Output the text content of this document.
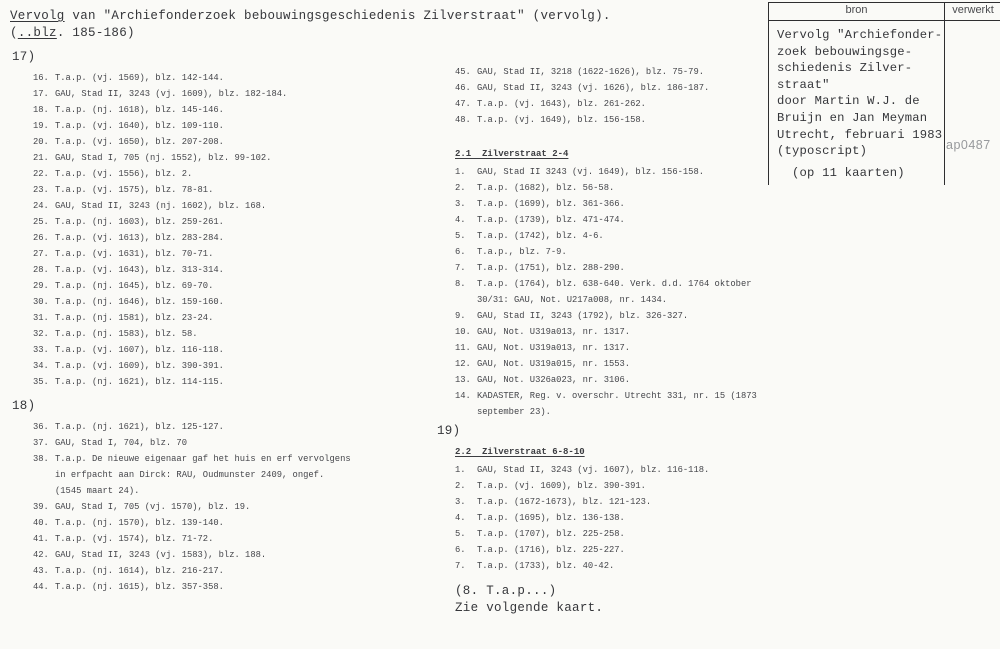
Vervolg van "Archiefonderzoek bebouwingsgeschiedenis Zilverstraat" (vervolg).
(..blz. 185-186)
17)
16. T.a.p. (vj. 1569), blz. 142-144.
17. GAU, Stad II, 3243 (vj. 1609), blz. 182-184.
18. T.a.p. (nj. 1618), blz. 145-146.
19. T.a.p. (vj. 1640), blz. 109-110.
20. T.a.p. (vj. 1650), blz. 207-208.
21. GAU, Stad I, 705 (nj. 1552), blz. 99-102.
22. T.a.p. (vj. 1556), blz. 2.
23. T.a.p. (vj. 1575), blz. 78-81.
24. GAU, Stad II, 3243 (nj. 1602), blz. 168.
25. T.a.p. (nj. 1603), blz. 259-261.
26. T.a.p. (vj. 1613), blz. 283-284.
27. T.a.p. (vj. 1631), blz. 70-71.
28. T.a.p. (vj. 1643), blz. 313-314.
29. T.a.p. (nj. 1645), blz. 69-70.
30. T.a.p. (nj. 1646), blz. 159-160.
31. T.a.p. (nj. 1581), blz. 23-24.
32. T.a.p. (nj. 1583), blz. 58.
33. T.a.p. (vj. 1607), blz. 116-118.
34. T.a.p. (vj. 1609), blz. 390-391.
35. T.a.p. (nj. 1621), blz. 114-115.
18)
36. T.a.p. (nj. 1621), blz. 125-127.
37. GAU, Stad I, 704, blz. 70
38. T.a.p. De nieuwe eigenaar gaf het huis en erf vervolgens
in erfpacht aan Dirck: RAU, Oudmunster 2409, ongef.
(1545 maart 24).
39. GAU, Stad I, 705 (vj. 1570), blz. 19.
40. T.a.p. (nj. 1570), blz. 139-140.
41. T.a.p. (vj. 1574), blz. 71-72.
42. GAU, Stad II, 3243 (vj. 1583), blz. 188.
43. T.a.p. (nj. 1614), blz. 216-217.
44. T.a.p. (nj. 1615), blz. 357-358.
45. GAU, Stad II, 3218 (1622-1626), blz. 75-79.
46. GAU, Stad II, 3243 (vj. 1626), blz. 186-187.
47. T.a.p. (vj. 1643), blz. 261-262.
48. T.a.p. (vj. 1649), blz. 156-158.
2.1  Zilverstraat 2-4
1.	GAU, Stad II 3243 (vj. 1649), blz. 156-158.
2.	T.a.p. (1682), blz. 56-58.
3.	T.a.p. (1699), blz. 361-366.
4.	T.a.p. (1739), blz. 471-474.
5.	T.a.p. (1742), blz. 4-6.
6.	T.a.p., blz. 7-9.
7.	T.a.p. (1751), blz. 288-290.
8.	T.a.p. (1764), blz. 638-640. Verk. d.d. 1764 oktober
30/31: GAU, Not. U217a008, nr. 1434.
9.	GAU, Stad II, 3243 (1792), blz. 326-327.
10. GAU, Not. U319a013, nr. 1317.
11. GAU, Not. U319a013, nr. 1317.
12. GAU, Not. U319a015, nr. 1553.
13. GAU, Not. U326a023, nr. 3106.
14. KADASTER, Reg. v. overschr. Utrecht 331, nr. 15 (1873
september 23).
19)
2.2  Zilverstraat 6-8-10
1.	GAU, Stad II, 3243 (vj. 1607), blz. 116-118.
2.	T.a.p. (vj. 1609), blz. 390-391.
3.	T.a.p. (1672-1673), blz. 121-123.
4.	T.a.p. (1695), blz. 136-138.
5.	T.a.p. (1707), blz. 225-258.
6.	T.a.p. (1716), blz. 225-227.
7.	T.a.p. (1733), blz. 40-42.
(8. T.a.p...)
Zie volgende kaart.
bron	verwerkt
Vervolg "Archiefonder-
zoek bebouwingsge-
schiedenis Zilver-
straat"
door Martin W.J. de
Bruijn en Jan Meyman
Utrecht, februari 1983
(typoscript)
(op 11 kaarten)
ap0487
